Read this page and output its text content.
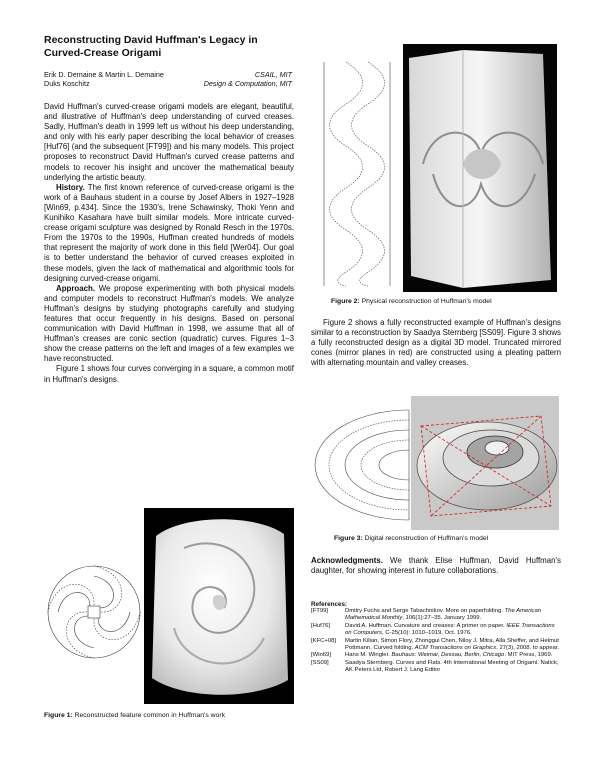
Reconstructing David Huffman's Legacy in
Curved-Crease Origami
Erik D. Demaine & Martin L. Demaine	CSAIL, MIT
Duks Koschitz	Design & Computation, MIT

David Huffman's curved-crease origami models are elegant, beautiful, and illustrative of Huffman's deep understanding of curved creases. Sadly, Huffman's death in 1999 left us without his deep understanding, and only with his early paper describing the local behavior of creases [Huf76] (and the subsequent [FT99]) and his many models. This project proposes to reconstruct David Huffman's curved crease patterns and models to recover his insight and uncover the mathematical beauty underlying the artistic beauty.

History. The first known reference of curved-crease origami is the work of a Bauhaus student in a course by Josef Albers in 1927–1928 [Win69, p.434]. Since the 1930's, Irene Schawinsky, Thoki Yenn and Kunihiko Kasahara have built similar models. More intricate curved-crease origami sculpture was designed by Ronald Resch in the 1970s. From the 1970s to the 1990s, Huffman created hundreds of models that represent the majority of work done in this field [Wer04]. Our goal is to better understand the behavior of curved creases exploited in these models, given the lack of mathematical and algorithmic tools for designing curved-crease origami.

Approach. We propose experimenting with both physical models and computer models to reconstruct Huffman's models. We analyze Huffman's designs by studying photographs carefully and studying features that occur frequently in his designs. Based on personal communication with David Huffman in 1998, we assume that all of Huffman's creases are conic section (quadratic) curves. Figures 1–3 show the crease patterns on the left and images of a few examples we have reconstructed.

Figure 1 shows four curves converging in a square, a common motif in Huffman's designs.

Figure 1: Reconstructed feature common in Huffman's work
Figure 2: Physical reconstruction of Huffman's model

Figure 2 shows a fully reconstructed example of Huffman's designs similar to a reconstruction by Saadya Sternberg [SS09]. Figure 3 shows a fully reconstructed design as a digital 3D model. Truncated mirrored cones (mirror planes in red) are constructed using a pleating pattern with alternating mountain and valley creases.

Figure 3: Digital reconstruction of Huffman's model

Acknowledgments. We thank Elise Huffman, David Huffman's daughter, for showing interest in future collaborations.

References:
[FT99]	Dmitry Fuchs and Serge Tabachnikov. More on paperfolding. The American Mathematical Monthly, 106(1):27–35, January 1999.
[Huf76]	David A. Huffman. Curvature and creases: A primer on paper. IEEE Transactions on Computers, C-25(10): 1010–1019, Oct. 1976.
[KFC+08]	Martin Kilian, Simon Flory, Zhonggui Chen, Niloy J. Mitra, Alla Sheffer, and Helmut Pottmann. Curved folding. ACM Transactions on Graphics, 27(3), 2008. to appear.
[Win69]	Hans M. Wingler. Bauhaus: Weimar, Dessau, Berlin, Chicago. MIT Press, 1969.
[SS09]	Saadya Sternberg. Curves and Flats. 4th International Meeting of Origami. Natick, AK Peters Ltd, Robert J. Lang Editor
